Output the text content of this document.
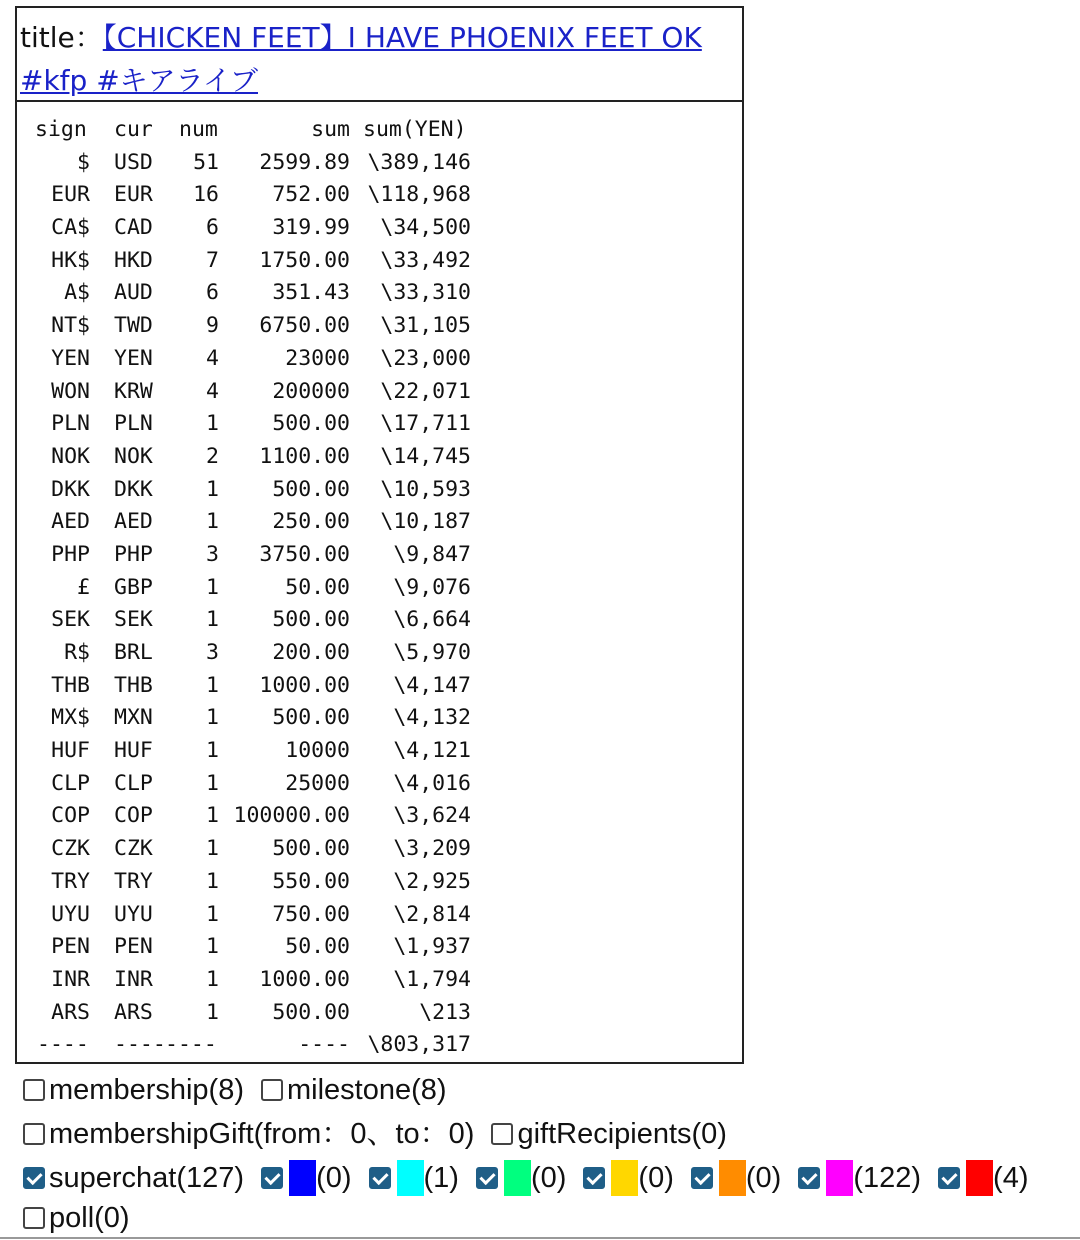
title：【CHICKEN FEET】I HAVE PHOENIX FEET OK #kfp #キアライブ
sign cur	num	sum sum(YEN)
$ USD	51	2599.89 \389,146
EUR EUR	16	752.00 \118,968
CA$ CAD	6	319.99	\34,500
HK$ HKD	7	1750.00	\33,492
A$ AUD	6	351.43	\33,310
NT$ TWD	9	6750.00	\31,105
YEN YEN	4	23000	\23,000
WON KRW	4	200000	\22,071
PLN PLN	1	500.00	\17,711
NOK NOK	2	1100.00	\14,745
DKK DKK	1	500.00	\10,593
AED AED	1	250.00	\10,187
PHP PHP	3	3750.00	\9,847
£ GBP	1	50.00	\9,076
SEK SEK	1	500.00	\6,664
R$ BRL	3	200.00	\5,970
THB THB	1	1000.00	\4,147
MX$ MXN	1	500.00	\4,132
HUF HUF	1	10000	\4,121
CLP CLP	1	25000	\4,016
COP COP	1 100000.00	\3,624
CZK CZK	1	500.00	\3,209
TRY TRY	1	550.00	\2,925
UYU UYU	1	750.00	\2,814
PEN PEN	1	50.00	\1,937
INR INR	1	1000.00	\1,794
ARS ARS	1	500.00	\213
---- ---- ----	---- \803,317
membership(8) milestone(8)
membershipGift(from：0、to：0) giftRecipients(0)
superchat(127) (0) (1) (0) (0) (0) (122) (4)
poll(0)
